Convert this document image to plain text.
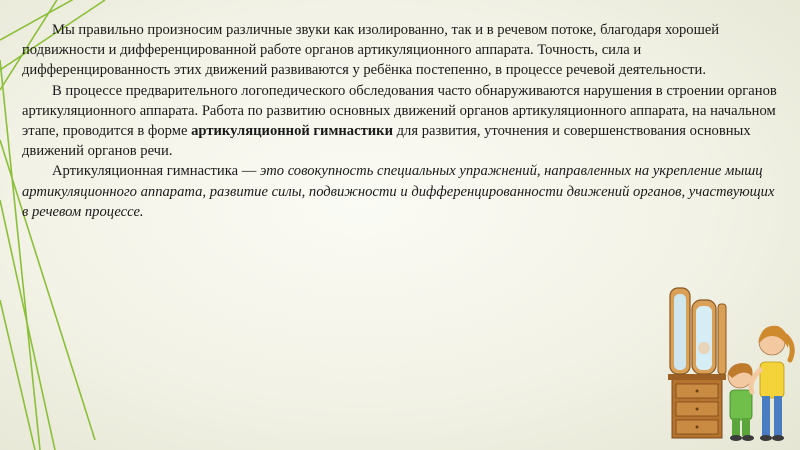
Мы правильно произносим различные звуки как изолированно, так и в речевом потоке, благодаря хорошей подвижности и дифференцированной работе органов артикуляционного аппарата. Точность, сила и дифференцированность этих движений развиваются у ребёнка постепенно, в процессе речевой деятельности.

В процессе предварительного логопедического обследования часто обнаруживаются нарушения в строении органов артикуляционного аппарата. Работа по развитию основных движений органов артикуляционного аппарата, на начальном этапе, проводится в форме артикуляционной гимнастики для развития, уточнения и совершенствования основных движений органов речи.

Артикуляционная гимнастика — это совокупность специальных упражнений, направленных на укрепление мышц артикуляционного аппарата, развитие силы, подвижности и дифференцированности движений органов, участвующих в речевом процессе.
